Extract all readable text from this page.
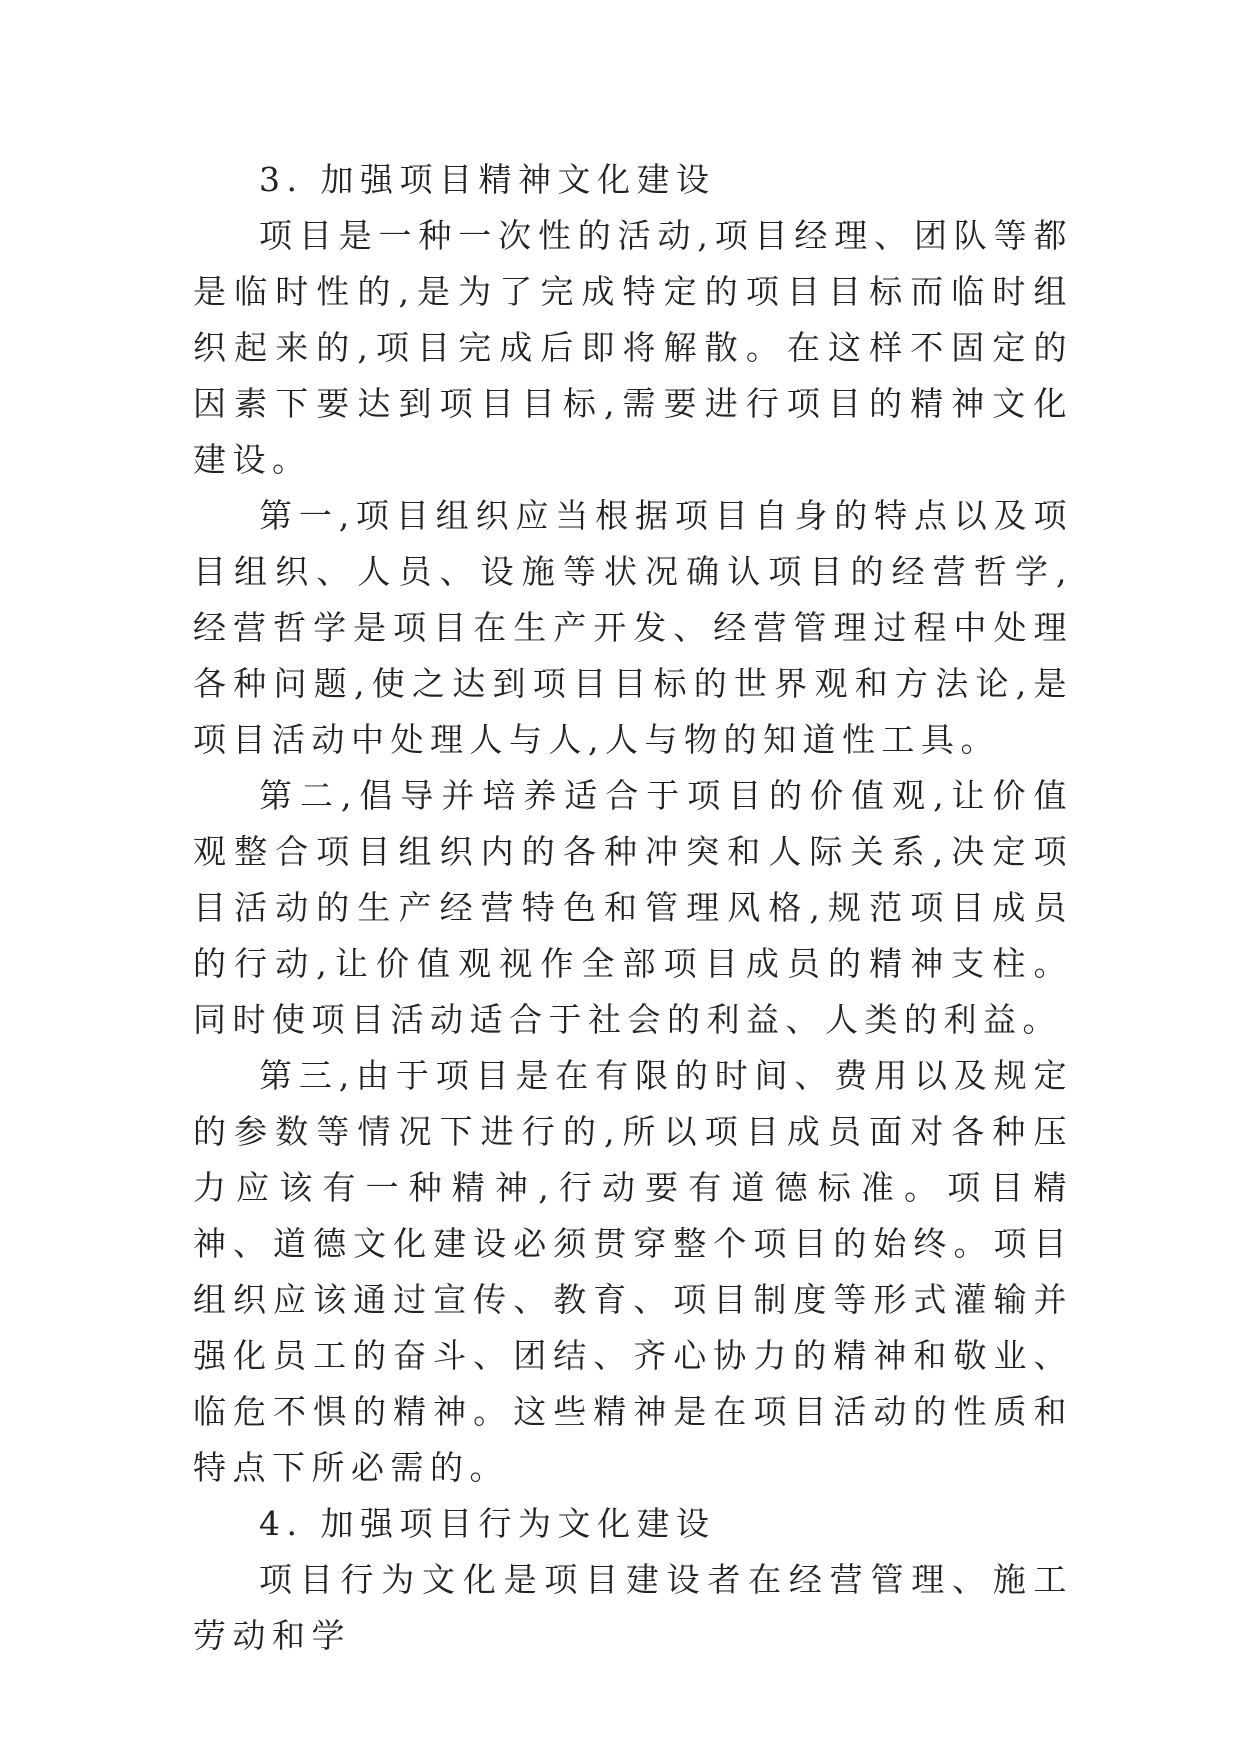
3. 加强项目精神文化建设

项目是一种一次性的活动,项目经理、团队等都是临时性的,是为了完成特定的项目目标而临时组织起来的,项目完成后即将解散。在这样不固定的因素下要达到项目目标,需要进行项目的精神文化建设。

第一,项目组织应当根据项目自身的特点以及项目组织、人员、设施等状况确认项目的经营哲学,经营哲学是项目在生产开发、经营管理过程中处理各种问题,使之达到项目目标的世界观和方法论,是项目活动中处理人与人,人与物的知道性工具。

第二,倡导并培养适合于项目的价值观,让价值观整合项目组织内的各种冲突和人际关系,决定项目活动的生产经营特色和管理风格,规范项目成员的行动,让价值观视作全部项目成员的精神支柱。同时使项目活动适合于社会的利益、人类的利益。

第三,由于项目是在有限的时间、费用以及规定的参数等情况下进行的,所以项目成员面对各种压力应该有一种精神,行动要有道德标准。项目精神、道德文化建设必须贯穿整个项目的始终。项目组织应该通过宣传、教育、项目制度等形式灌输并强化员工的奋斗、团结、齐心协力的精神和敬业、临危不惧的精神。这些精神是在项目活动的性质和特点下所必需的。

4. 加强项目行为文化建设

项目行为文化是项目建设者在经营管理、施工劳动和学
